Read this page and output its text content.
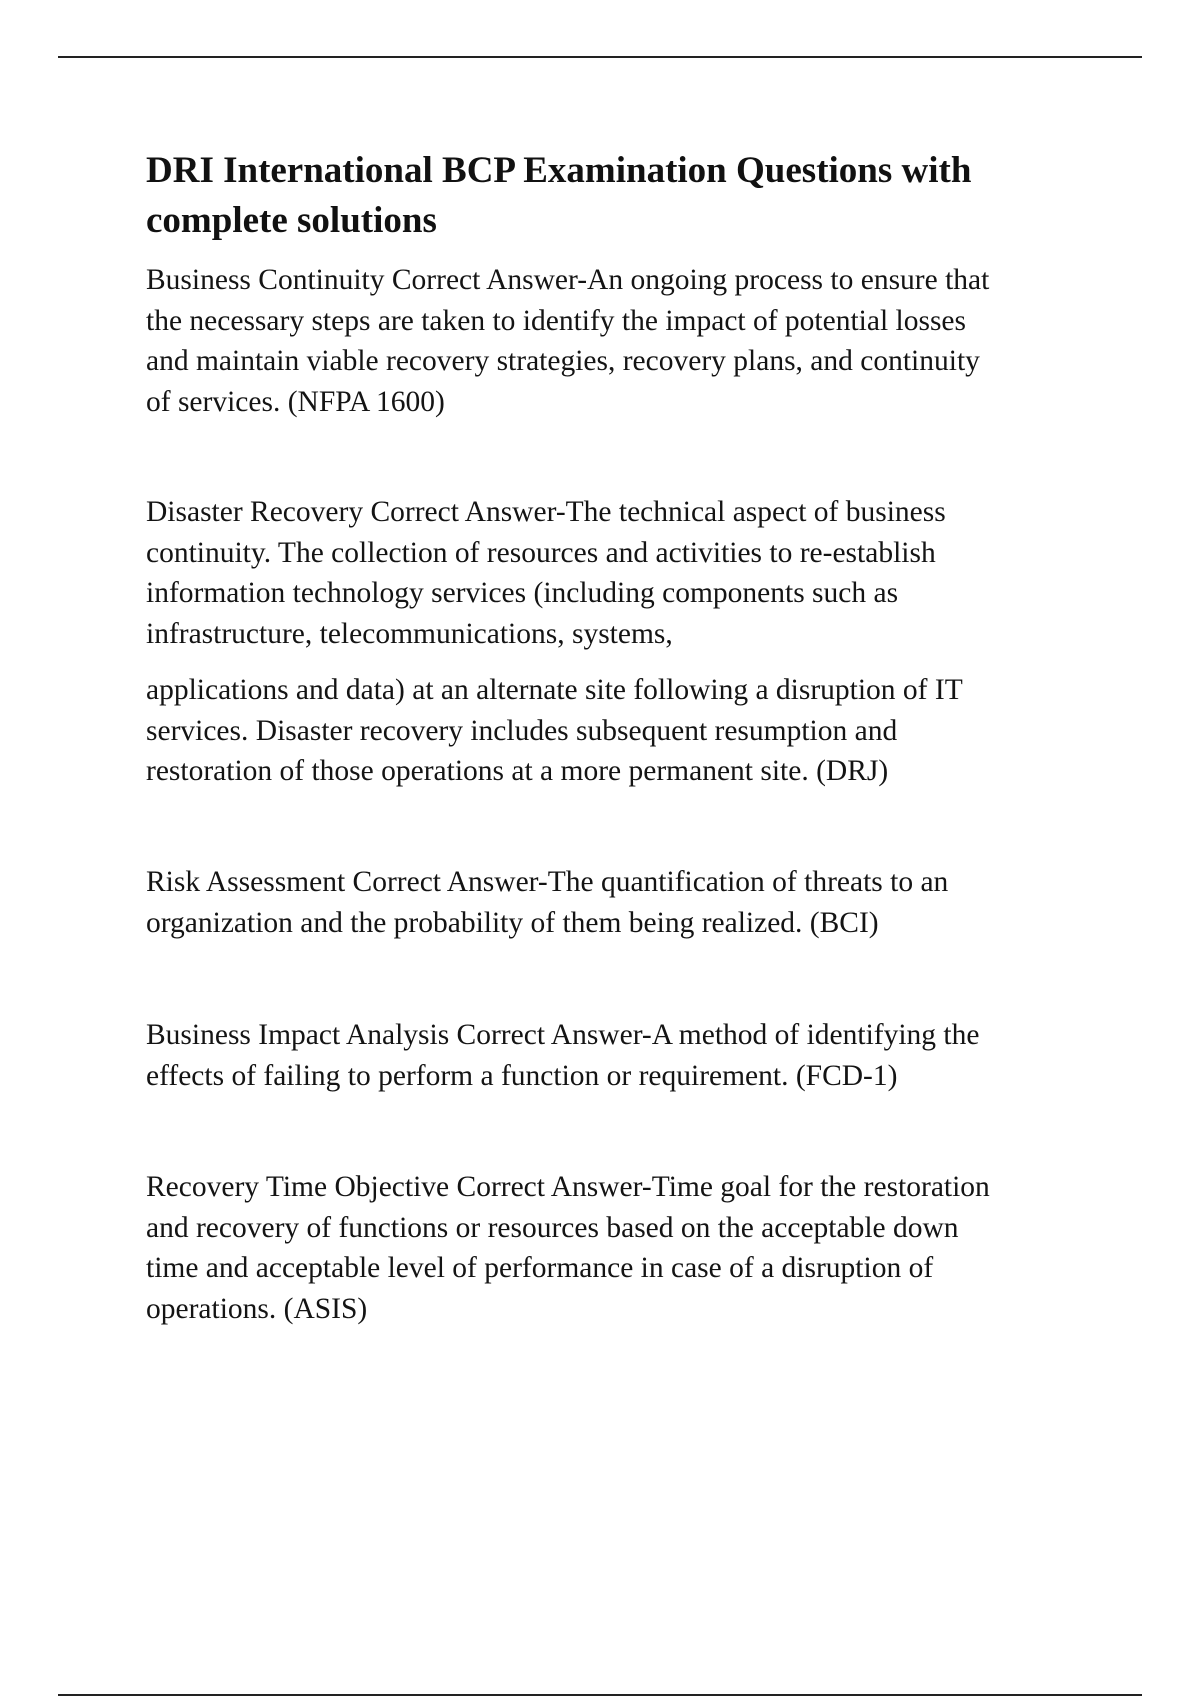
DRI International BCP Examination Questions with
complete solutions

Business Continuity Correct Answer-An ongoing process to ensure that
the necessary steps are taken to identify the impact of potential losses
and maintain viable recovery strategies, recovery plans, and continuity
of services. (NFPA 1600)

Disaster Recovery Correct Answer-The technical aspect of business
continuity. The collection of resources and activities to re-establish
information technology services (including components such as
infrastructure, telecommunications, systems,

applications and data) at an alternate site following a disruption of IT
services. Disaster recovery includes subsequent resumption and
restoration of those operations at a more permanent site. (DRJ)

Risk Assessment Correct Answer-The quantification of threats to an
organization and the probability of them being realized. (BCI)

Business Impact Analysis Correct Answer-A method of identifying the
effects of failing to perform a function or requirement. (FCD-1)

Recovery Time Objective Correct Answer-Time goal for the restoration
and recovery of functions or resources based on the acceptable down
time and acceptable level of performance in case of a disruption of
operations. (ASIS)
